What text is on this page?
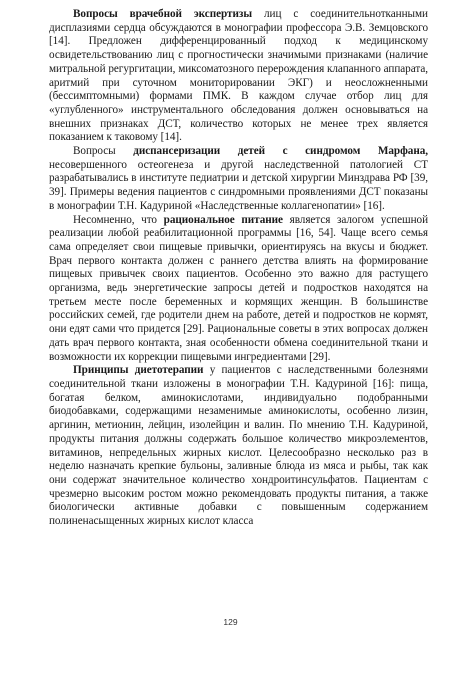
Вопросы врачебной экспертизы лиц с соединительнотканными дисплазиями сердца обсуждаются в монографии профессора Э.В. Земцовского [14]. Предложен дифференцированный подход к медицинскому освидетельствованию лиц с прогностически значимыми признаками (наличие митральной регургитации, миксоматозного перерождения клапанного аппарата, аритмий при суточном мониторировании ЭКГ) и неосложненными (бессимптомными) формами ПМК. В каждом случае отбор лиц для «углубленного» инструментального обследования должен основываться на внешних признаках ДСТ, количество которых не менее трех является показанием к таковому [14].

Вопросы диспансеризации детей с синдромом Марфана, несовершенного остеогенеза и другой наследственной патологией СТ разрабатывались в институте педиатрии и детской хирургии Минздрава РФ [39, 39]. Примеры ведения пациентов с синдромными проявлениями ДСТ показаны в монографии Т.Н. Кадуриной «Наследственные коллагенопатии» [16].

Несомненно, что рациональное питание является залогом успешной реализации любой реабилитационной программы [16, 54]. Чаще всего семья сама определяет свои пищевые привычки, ориентируясь на вкусы и бюджет. Врач первого контакта должен с раннего детства влиять на формирование пищевых привычек своих пациентов. Особенно это важно для растущего организма, ведь энергетические запросы детей и подростков находятся на третьем месте после беременных и кормящих женщин. В большинстве российских семей, где родители днем на работе, детей и подростков не кормят, они едят сами что придется [29]. Рациональные советы в этих вопросах должен дать врач первого контакта, зная особенности обмена соединительной ткани и возможности их коррекции пищевыми ингредиентами [29].

Принципы диетотерапии у пациентов с наследственными болезнями соединительной ткани изложены в монографии Т.Н. Кадуриной [16]: пища, богатая белком, аминокислотами, индивидуально подобранными биодобавками, содержащими незаменимые аминокислоты, особенно лизин, аргинин, метионин, лейцин, изолейцин и валин. По мнению Т.Н. Кадуриной, продукты питания должны содержать большое количество микроэлементов, витаминов, непредельных жирных кислот. Целесообразно несколько раз в неделю назначать крепкие бульоны, заливные блюда из мяса и рыбы, так как они содержат значительное количество хондроитинсульфатов. Пациентам с чрезмерно высоким ростом можно рекомендовать продукты питания, а также биологически активные добавки с повышенным содержанием полиненасыщенных жирных кислот класса

129
